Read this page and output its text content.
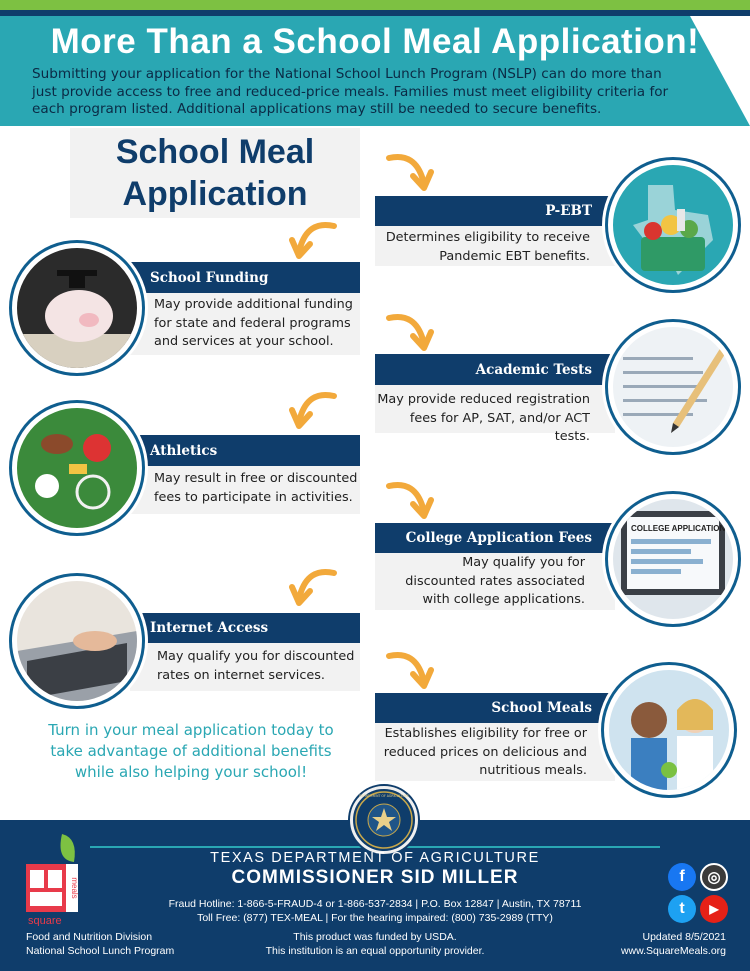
More Than a School Meal Application!

Submitting your application for the National School Lunch Program (NSLP) can do more than just provide access to free and reduced-price meals. Families must meet eligibility criteria for each program listed. Additional applications may still be needed to secure benefits.

School Meal
Application	P-EBT
Determines eligibility to receive
Pandemic EBT benefits.
School Funding
May provide additional funding
for state and federal programs
and services at your school.
Academic Tests
May provide reduced registration
fees for AP, SAT, and/or ACT tests.
Athletics
May result in free or discounted
fees to participate in activities.
College Application Fees
May qualify you for
discounted rates associated
with college applications.
COLLEGE APPLICATION
Internet Access
May qualify you for discounted
rates on internet services.
School Meals
Establishes eligibility for free or
reduced prices on delicious and
nutritious meals.
Turn in your meal application today to
take advantage of additional benefits
while also helping your school!
DEPARTMENT OF AGRICULTURE
TEXAS DEPARTMENT OF AGRICULTURE
COMMISSIONER SID MILLER
Fraud Hotline: 1-866-5-FRAUD-4 or 1-866-537-2834 | P.O. Box 12847 | Austin, TX 78711
Toll Free: (877) TEX-MEAL | For the hearing impaired: (800) 735-2989 (TTY)
meals
square
Food and Nutrition Division
National School Lunch Program
This product was funded by USDA.
This institution is an equal opportunity provider.
Updated 8/5/2021
www.SquareMeals.org
f	◎
t	▶
